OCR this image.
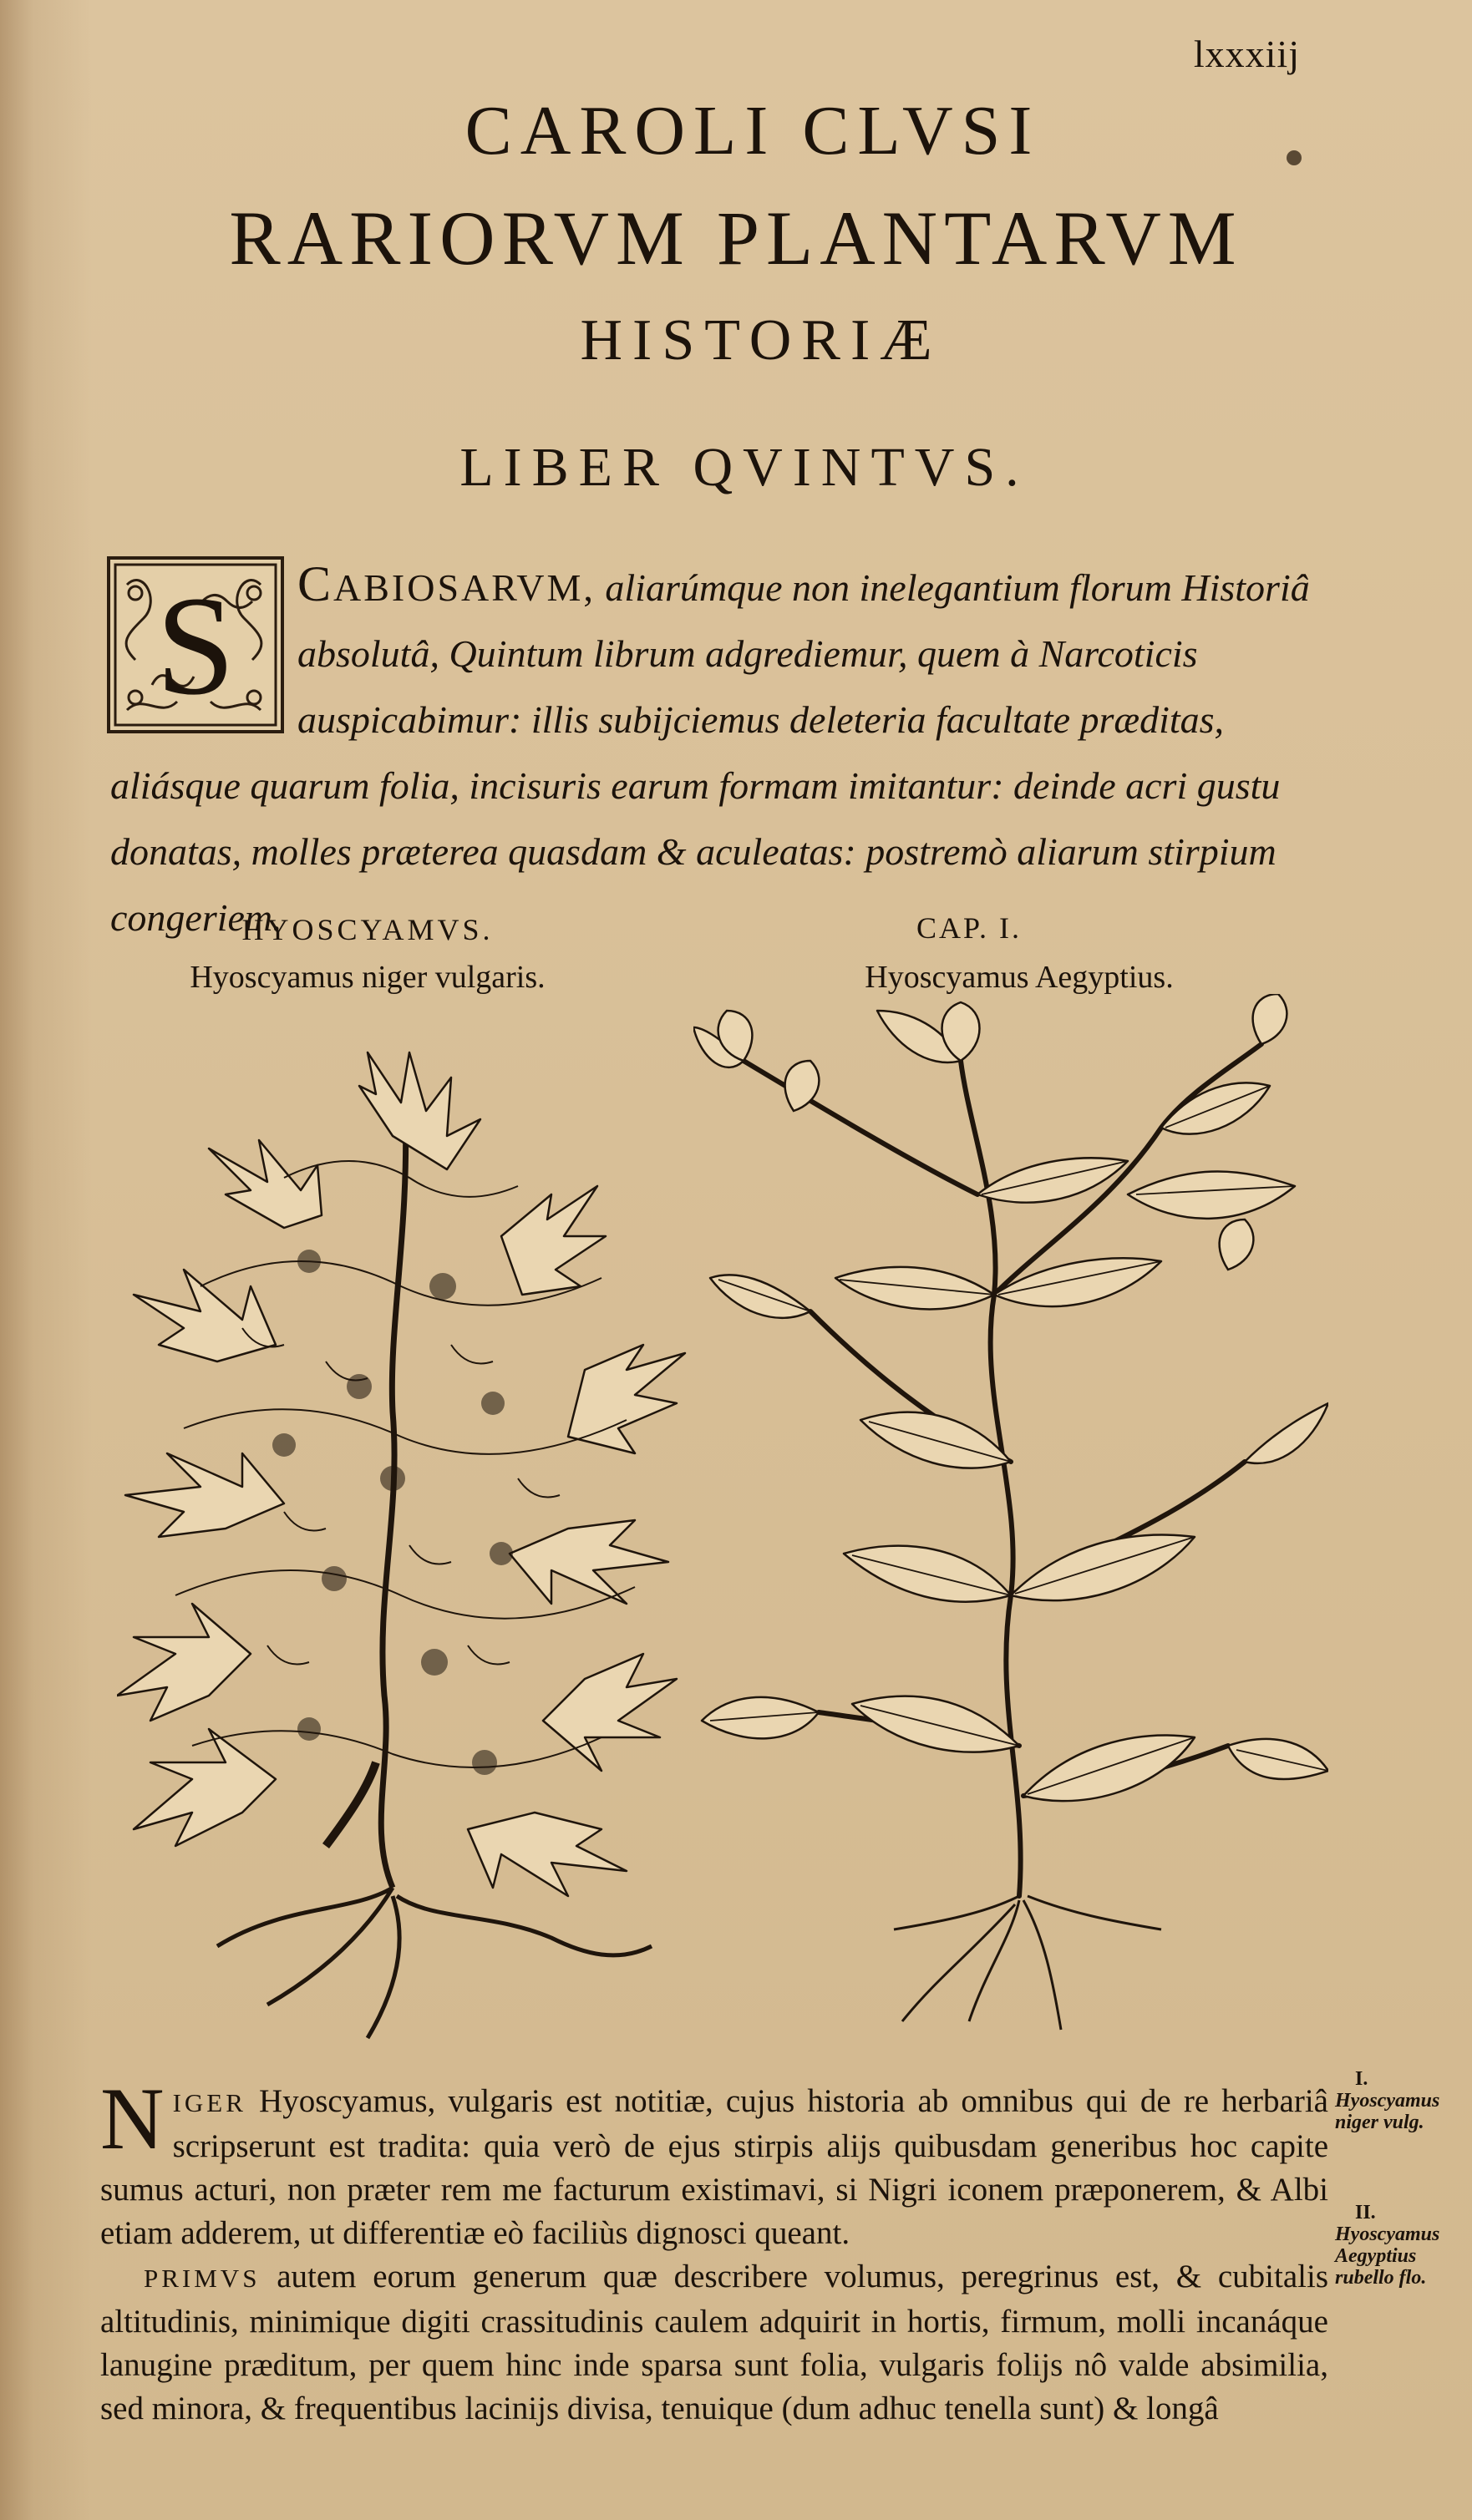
lxxxiij
CAROLI CLVSI
RARIORVM PLANTARVM
HISTORIÆ
LIBER QVINTVS.
S	CABIOSARVM, aliarúmque non inelegantium florum Historiâ absolutâ, Quintum librum adgrediemur, quem à Narcoticis auspicabimur: illis subijciemus deleteria facultate præditas, aliásque quarum folia, incisuris earum formam imitantur: deinde acri gustu donatas, molles præterea quasdam & aculeatas: postremò aliarum stirpium congeriem.
HYOSCYAMVS.	CAP. I.
Hyoscyamus niger vulgaris.	Hyoscyamus Aegyptius.

NIGER Hyoscyamus, vulgaris est notitiæ, cujus historia ab omnibus qui de re herbariâ scripserunt est tradita: quia verò de ejus stirpis alijs quibusdam generibus hoc capite sumus acturi, non præter rem me facturum existimavi, si Nigri iconem præponerem, & Albi etiam adderem, ut differentiæ eò faciliùs dignosci queant.

PRIMVS autem eorum generum quæ describere volumus, peregrinus est, & cubitalis altitudinis, minimique digiti crassitudinis caulem adquirit in hortis, firmum, molli incanáque lanugine præditum, per quem hinc inde sparsa sunt folia, vulgaris folijs nô valde absimilia, sed minora, & frequentibus lacinijs divisa, tenuique (dum adhuc tenella sunt) & longâ

I.
Hyoscyamus niger vulg.
II.
Hyoscyamus Aegyptius rubello flo.
